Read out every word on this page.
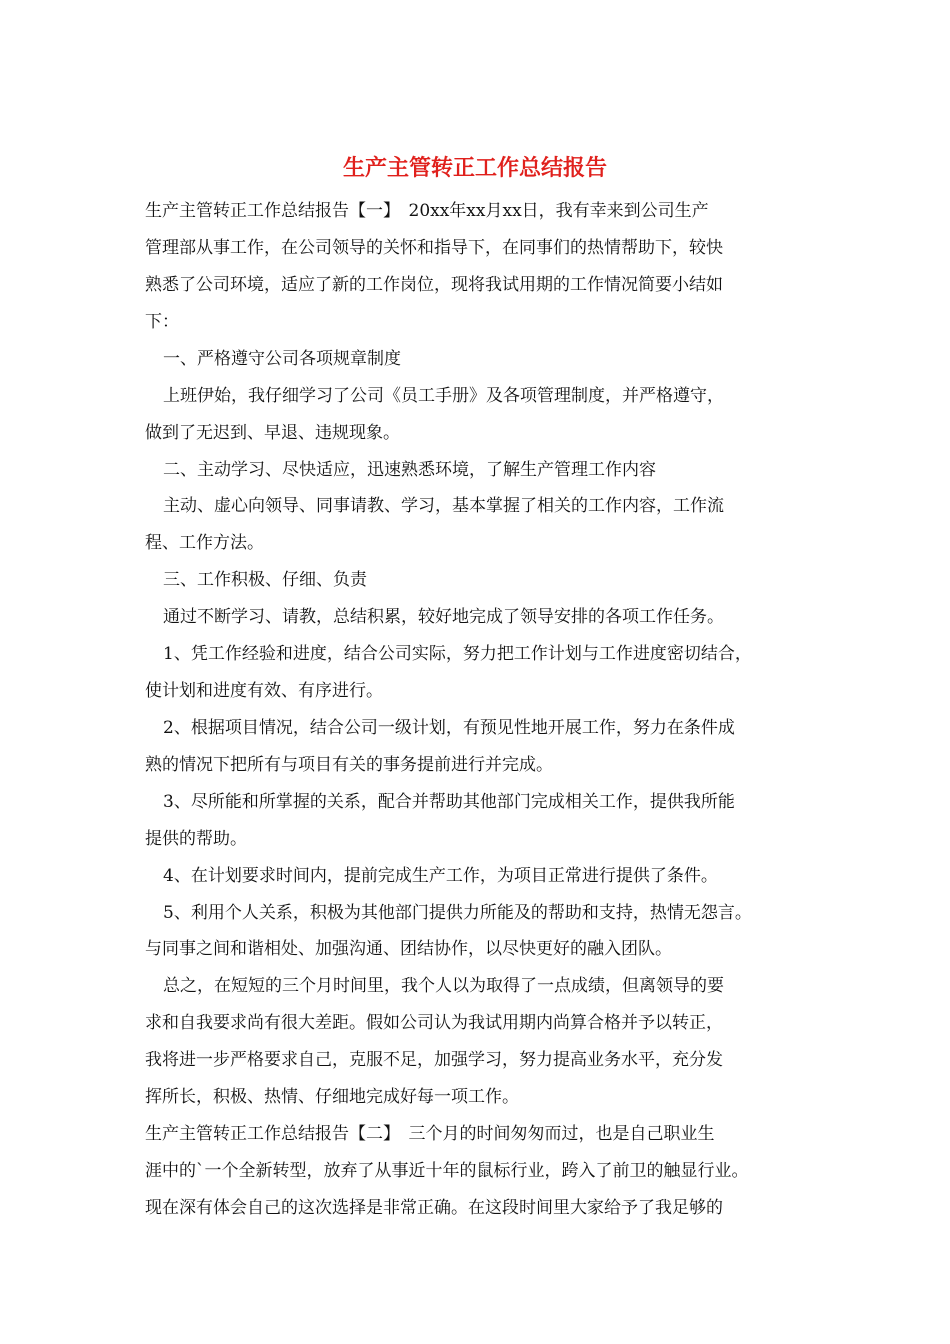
生产主管转正工作总结报告

生产主管转正工作总结报告【一】　20xx年xx月xx日，我有幸来到公司生产

管理部从事工作，在公司领导的关怀和指导下，在同事们的热情帮助下，较快

熟悉了公司环境，适应了新的工作岗位，现将我试用期的工作情况简要小结如

下：

一、严格遵守公司各项规章制度

上班伊始，我仔细学习了公司《员工手册》及各项管理制度，并严格遵守，

做到了无迟到、早退、违规现象。

二、主动学习、尽快适应，迅速熟悉环境，了解生产管理工作内容

主动、虚心向领导、同事请教、学习，基本掌握了相关的工作内容，工作流

程、工作方法。

三、工作积极、仔细、负责

通过不断学习、请教，总结积累，较好地完成了领导安排的各项工作任务。

1、凭工作经验和进度，结合公司实际，努力把工作计划与工作进度密切结合，

使计划和进度有效、有序进行。

2、根据项目情况，结合公司一级计划，有预见性地开展工作，努力在条件成

熟的情况下把所有与项目有关的事务提前进行并完成。

3、尽所能和所掌握的关系，配合并帮助其他部门完成相关工作，提供我所能

提供的帮助。

4、在计划要求时间内，提前完成生产工作，为项目正常进行提供了条件。

5、利用个人关系，积极为其他部门提供力所能及的帮助和支持，热情无怨言。

与同事之间和谐相处、加强沟通、团结协作，以尽快更好的融入团队。

总之，在短短的三个月时间里，我个人以为取得了一点成绩，但离领导的要

求和自我要求尚有很大差距。假如公司认为我试用期内尚算合格并予以转正，

我将进一步严格要求自己，克服不足，加强学习，努力提高业务水平，充分发

挥所长，积极、热情、仔细地完成好每一项工作。

生产主管转正工作总结报告【二】　三个月的时间匆匆而过，也是自己职业生

涯中的`一个全新转型，放弃了从事近十年的鼠标行业，跨入了前卫的触显行业。

现在深有体会自己的这次选择是非常正确。在这段时间里大家给予了我足够的
